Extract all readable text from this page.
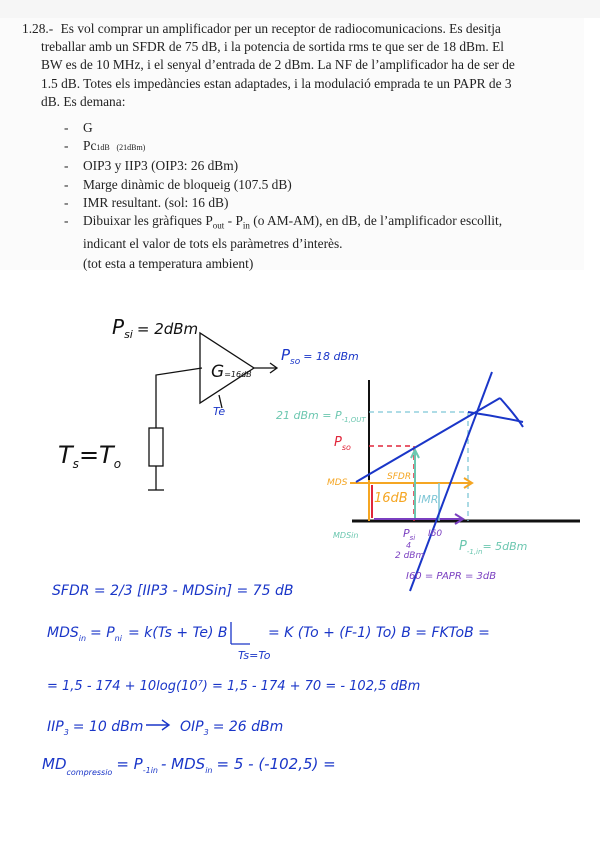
1.28.- Es vol comprar un amplificador per un receptor de radiocomunicacions. Es desitja
treballar amb un SFDR de 75 dB, i la potencia de sortida rms te que ser de 18 dBm. El
BW es de 10 MHz, i el senyal d’entrada de 2 dBm. La NF de l’amplificador ha de ser de
1.5 dB. Totes els impedàncies estan adaptades, i la modulació emprada te un PAPR de 3
dB. Es demana:
-	G
-	Pc1dB (21dBm)
-	OIP3 y IIP3 (OIP3: 26 dBm)
-	Marge dinàmic de bloqueig (107.5 dB)
-	IMR resultant. (sol: 16 dB)
-	Dibuixar les gràfiques $P_{out} - P_{in}$ (o AM-AM), en dB, de l’amplificador escollit,
indicant el valor de tots els paràmetres d’interès.
(tot esta a temperatura ambient)
$P_{si}$ $^{= 2dBm}$
G=16dB
$P_{so}$ $^{= 18 dBm}$
Te
$T_s=T_o$
21 dBm = $P_{-1,OUT}$
$P_{so}$
MDS
SFDR
16dB IMR
$P_{si}$
4
2 dBm
I60
MDSin
$P_{-1,in}^{= 5dBm}$
I60 = PAPR = 3dB
SFDR = 2/3 [IIP3 - MDSin] = 75 dB
$MDS_{in} = P_{ni} = k(Ts + Te)$ B
Ts=To
= K (To + (F-1) To) B = FKToB =
= 1,5 - 174 + 10log(10⁷) = 1,5 - 174 + 70 = - 102,5 dBm
$IIP_3 = 10$ dBm	$OIP_3 = 26$ dBm
$MD_{compressio} = P_{-1in} - MDS_{in} = 5 - (-102,5)$ =
